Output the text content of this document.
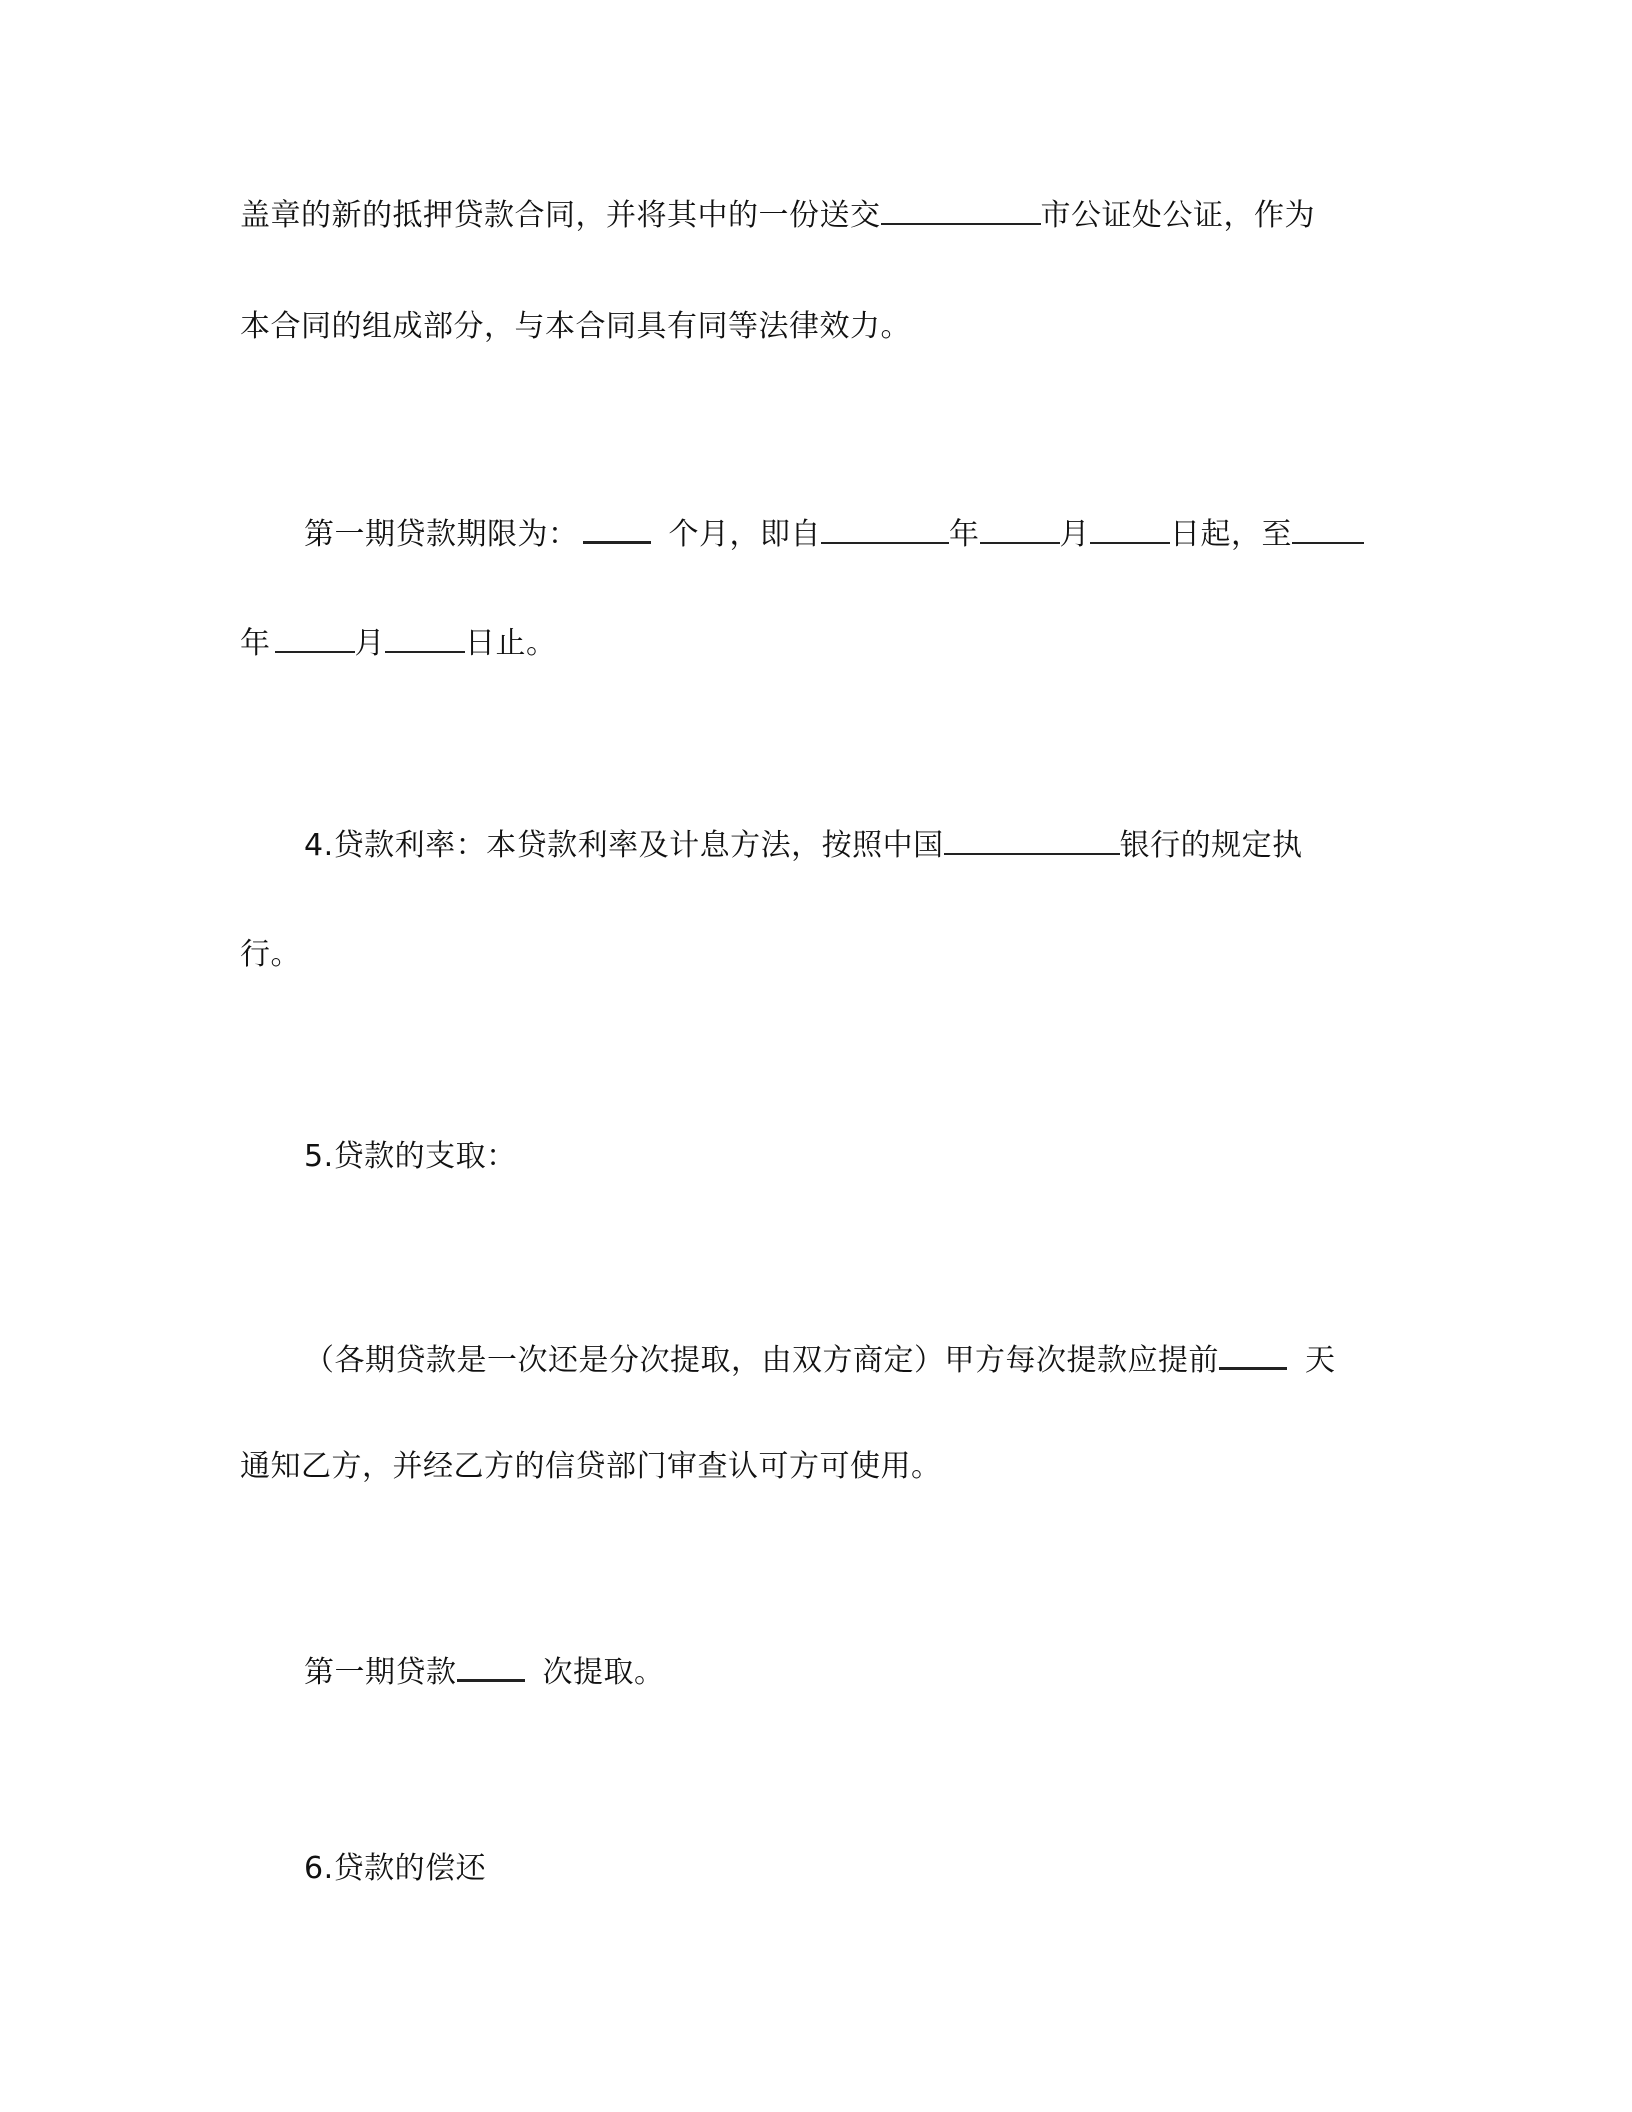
盖章的新的抵押贷款合同，并将其中的一份送交	市公证处公证，作为
本合同的组成部分，与本合同具有同等法律效力。
第一期贷款期限为：	个月，即自	年	月	日起，至
年	月	日止。
4.贷款利率：本贷款利率及计息方法，按照中国	银行的规定执
行。
5.贷款的支取：
（各期贷款是一次还是分次提取，由双方商定）甲方每次提款应提前	天
通知乙方，并经乙方的信贷部门审查认可方可使用。
第一期贷款	次提取。
6.贷款的偿还
